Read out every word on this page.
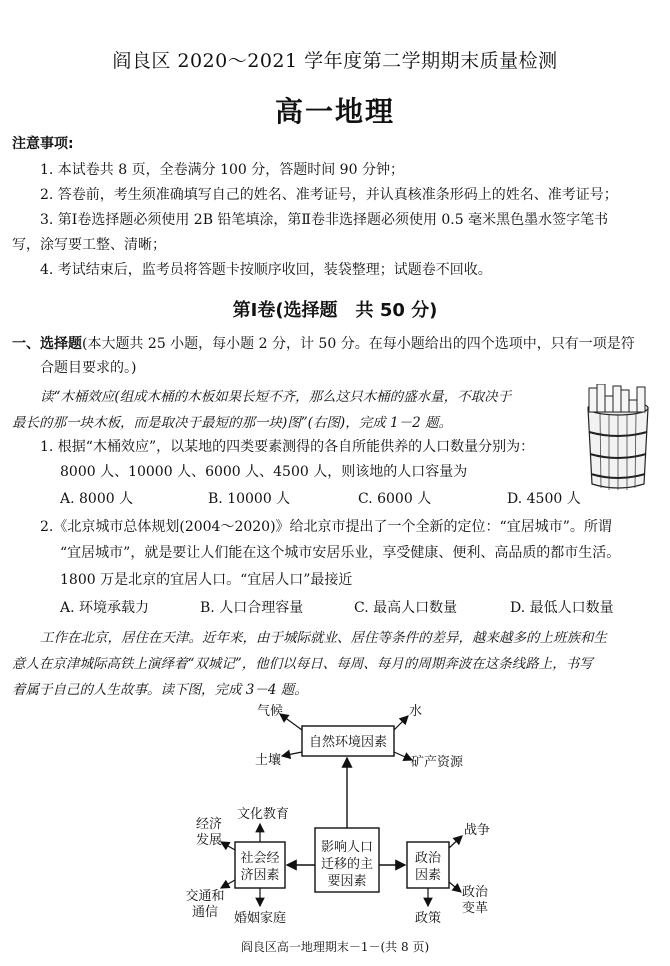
阎良区 2020～2021 学年度第二学期期末质量检测
高一地理
注意事项:
1. 本试卷共 8 页，全卷满分 100 分，答题时间 90 分钟；
2. 答卷前，考生须准确填写自己的姓名、准考证号，并认真核准条形码上的姓名、准考证号；
3. 第Ⅰ卷选择题必须使用 2B 铅笔填涂，第Ⅱ卷非选择题必须使用 0.5 毫米黑色墨水签字笔书
写，涂写要工整、清晰；
4. 考试结束后，监考员将答题卡按顺序收回，装袋整理；试题卷不回收。
第Ⅰ卷(选择题　共 50 分)
一、选择题(本大题共 25 小题，每小题 2 分，计 50 分。在每小题给出的四个选项中，只有一项是符
合题目要求的。)
读“木桶效应(组成木桶的木板如果长短不齐，那么这只木桶的盛水量，不取决于
最长的那一块木板，而是取决于最短的那一块)图”(右图)，完成 1－2 题。
1. 根据“木桶效应”，以某地的四类要素测得的各自所能供养的人口数量分别为：
8000 人、10000 人、6000 人、4500 人，则该地的人口容量为
A. 8000 人	B. 10000 人	C. 6000 人	D. 4500 人
2.《北京城市总体规划(2004～2020)》给北京市提出了一个全新的定位：“宜居城市”。所谓
“宜居城市”，就是要让人们能在这个城市安居乐业，享受健康、便利、高品质的都市生活。
1800 万是北京的宜居人口。“宜居人口”最接近
A. 环境承载力	B. 人口合理容量	C. 最高人口数量	D. 最低人口数量
工作在北京，居住在天津。近年来，由于城际就业、居住等条件的差异，越来越多的上班族和生
意人在京津城际高铁上演绎着“双城记”，他们以每日、每周、每月的周期奔波在这条线路上，书写
着属于自己的人生故事。读下图，完成 3－4 题。
自然环境因素
影响人口
迁移的主
要因素
社会经
济因素
政治
因素
气候	水
土壤	矿产资源
文化教育
经济
发展
交通和
通信 婚姻家庭
战争
政治
变革
政策
阎良区高一地理期末－1－(共 8 页)
